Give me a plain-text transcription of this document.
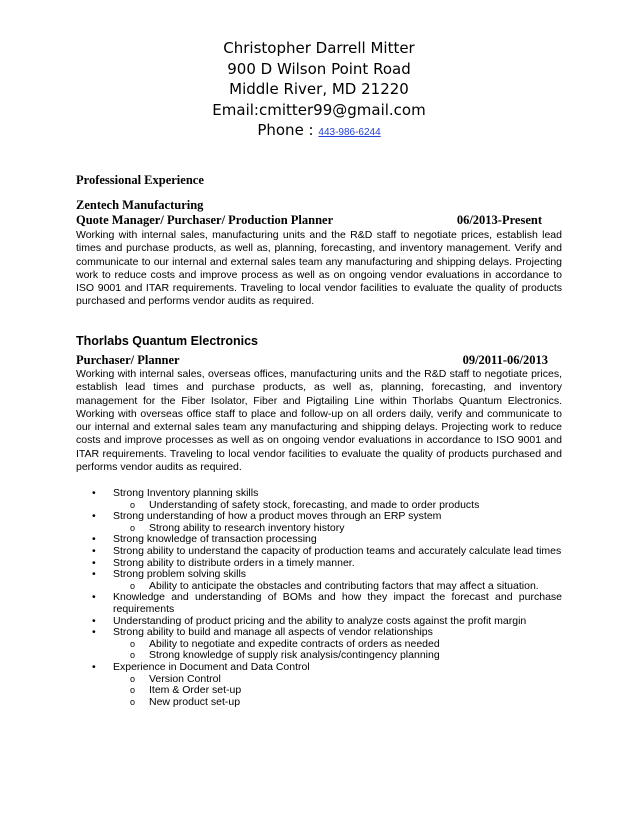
Christopher Darrell Mitter
900 D Wilson Point Road
Middle River, MD 21220
Email:cmitter99@gmail.com
Phone : 443-986-6244
Professional Experience
Zentech Manufacturing
Quote Manager/ Purchaser/ Production Planner	06/2013-Present
Working with internal sales, manufacturing units and the R&D staff to negotiate prices, establish lead times and purchase products, as well as, planning, forecasting, and inventory management. Verify and communicate to our internal and external sales team any manufacturing and shipping delays. Projecting work to reduce costs and improve process as well as on ongoing vendor evaluations in accordance to ISO 9001 and ITAR requirements. Traveling to local vendor facilities to evaluate the quality of products purchased and performs vendor audits as required.
Thorlabs Quantum Electronics
Purchaser/ Planner	09/2011-06/2013
Working with internal sales, overseas offices, manufacturing units and the R&D staff to negotiate prices, establish lead times and purchase products, as well as, planning, forecasting, and inventory management for the Fiber Isolator, Fiber and Pigtailing Line within Thorlabs Quantum Electronics. Working with overseas office staff to place and follow-up on all orders daily, verify and communicate to our internal and external sales team any manufacturing and shipping delays. Projecting work to reduce costs and improve processes as well as on ongoing vendor evaluations in accordance to ISO 9001 and ITAR requirements. Traveling to local vendor facilities to evaluate the quality of products purchased and performs vendor audits as required.
• Strong Inventory planning skills
o Understanding of safety stock, forecasting, and made to order products
• Strong understanding of how a product moves through an ERP system
o Strong ability to research inventory history
• Strong knowledge of transaction processing
• Strong ability to understand the capacity of production teams and accurately calculate lead times
• Strong ability to distribute orders in a timely manner.
• Strong problem solving skills
o Ability to anticipate the obstacles and contributing factors that may affect a situation.
• Knowledge and understanding of BOMs and how they impact the forecast and purchase requirements
• Understanding of product pricing and the ability to analyze costs against the profit margin
• Strong ability to build and manage all aspects of vendor relationships
o Ability to negotiate and expedite contracts of orders as needed
o Strong knowledge of supply risk analysis/contingency planning
• Experience in Document and Data Control
o Version Control
o Item & Order set-up
o New product set-up
